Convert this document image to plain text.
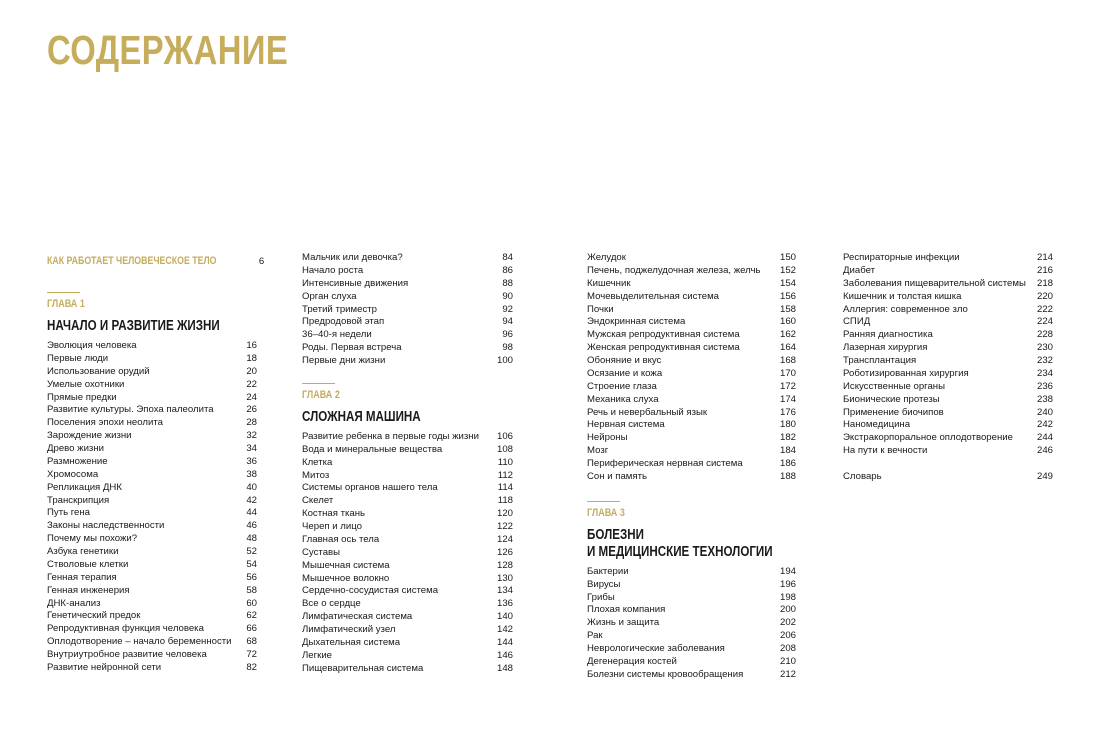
СОДЕРЖАНИЕ
КАК РАБОТАЕТ ЧЕЛОВЕЧЕСКОЕ ТЕЛО	6
ГЛАВА 1
НАЧАЛО И РАЗВИТИЕ ЖИЗНИ
Эволюция человека	16
Первые люди	18
Использование орудий	20
Умелые охотники	22
Прямые предки	24
Развитие культуры. Эпоха палеолита	26
Поселения эпохи неолита	28
Зарождение жизни	32
Древо жизни	34
Размножение	36
Хромосома	38
Репликация ДНК	40
Транскрипция	42
Путь гена	44
Законы наследственности	46
Почему мы похожи?	48
Азбука генетики	52
Стволовые клетки	54
Генная терапия	56
Генная инженерия	58
ДНК-анализ	60
Генетический предок	62
Репродуктивная функция человека	66
Оплодотворение – начало беременности 68
Внутриутробное развитие человека	72
Развитие нейронной сети	82
Мальчик или девочка?	84
Начало роста	86
Интенсивные движения	88
Орган слуха	90
Третий триместр	92
Предродовой этап	94
36–40-я недели	96
Роды. Первая встреча	98
Первые дни жизни	100
ГЛАВА 2
СЛОЖНАЯ МАШИНА
Развитие ребенка в первые годы жизни 106
Вода и минеральные вещества	108
Клетка	110
Митоз	112
Системы органов нашего тела	114
Скелет	118
Костная ткань	120
Череп и лицо	122
Главная ось тела	124
Суставы	126
Мышечная система	128
Мышечное волокно	130
Сердечно-сосудистая система	134
Все о сердце	136
Лимфатическая система	140
Лимфатический узел	142
Дыхательная система	144
Легкие	146
Пищеварительная система	148
Желудок	150
Печень, поджелудочная железа, желчь 152
Кишечник	154
Мочевыделительная система	156
Почки	158
Эндокринная система	160
Мужская репродуктивная система	162
Женская репродуктивная система	164
Обоняние и вкус	168
Осязание и кожа	170
Строение глаза	172
Механика слуха	174
Речь и невербальный язык	176
Нервная система	180
Нейроны	182
Мозг	184
Периферическая нервная система	186
Сон и память	188
ГЛАВА 3
БОЛЕЗНИ
И МЕДИЦИНСКИЕ ТЕХНОЛОГИИ
Бактерии	194
Вирусы	196
Грибы	198
Плохая компания	200
Жизнь и защита	202
Рак	206
Неврологические заболевания	208
Дегенерация костей	210
Болезни системы кровообращения	212
Респираторные инфекции	214
Диабет	216
Заболевания пищеварительной системы 218
Кишечник и толстая кишка	220
Аллергия: современное зло	222
СПИД	224
Ранняя диагностика	228
Лазерная хирургия	230
Трансплантация	232
Роботизированная хирургия	234
Искусственные органы	236
Бионические протезы	238
Применение биочипов	240
Наномедицина	242
Экстракорпоральное оплодотворение	244
На пути к вечности	246
Словарь	249
